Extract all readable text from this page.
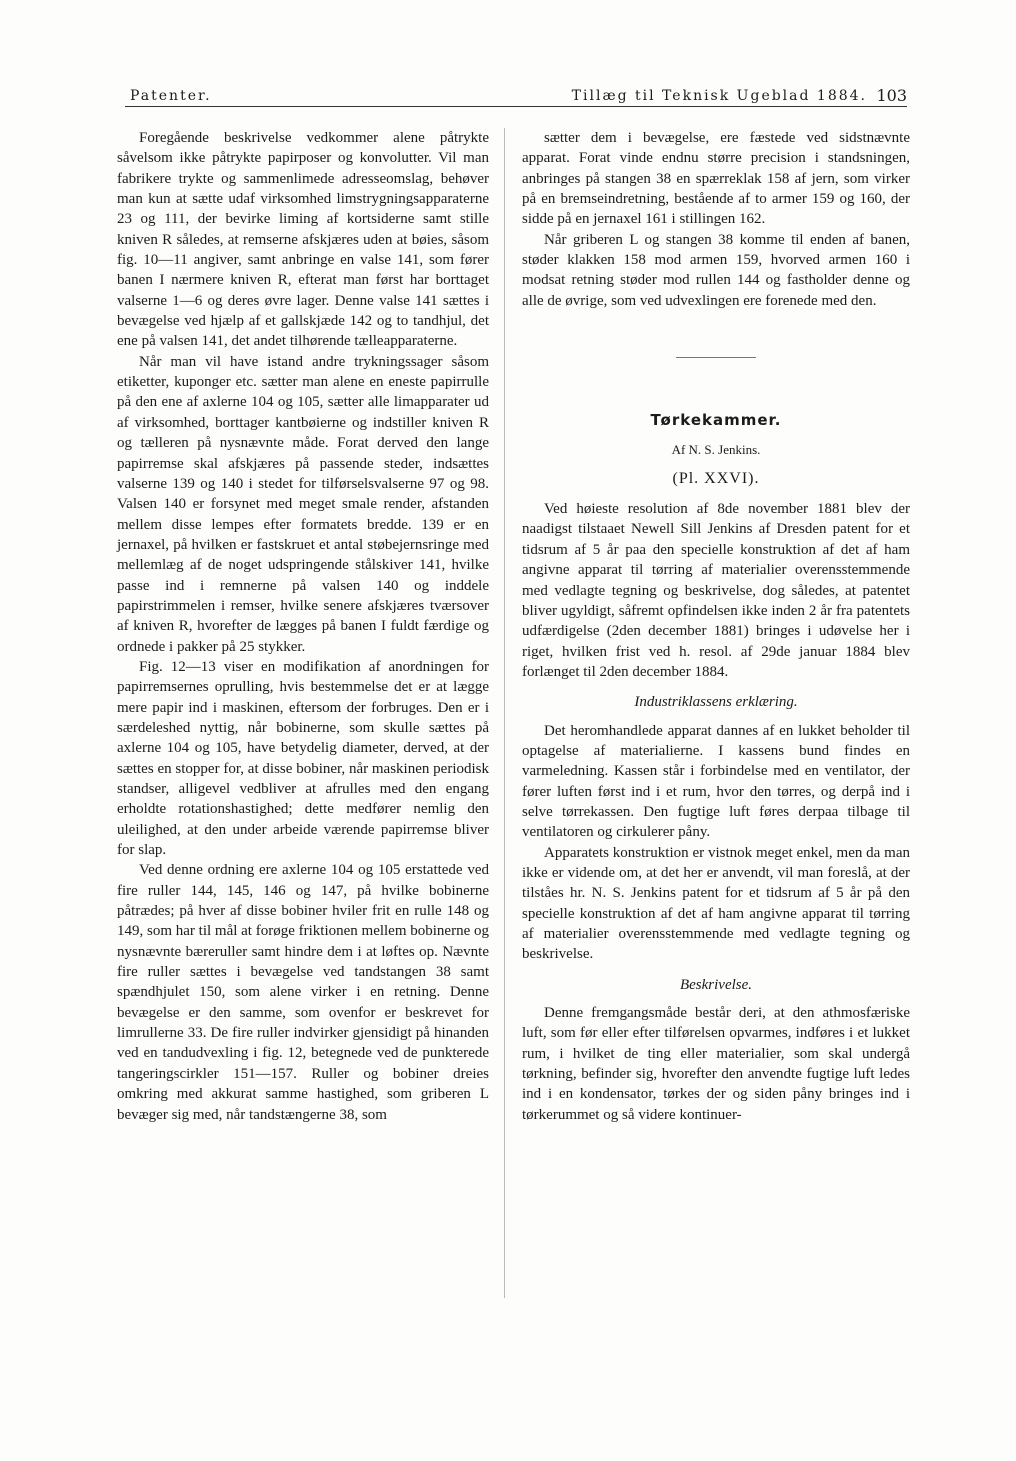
Patenter.	Tillæg til Teknisk Ugeblad 1884. 103

Foregående beskrivelse vedkommer alene påtrykte såvelsom ikke påtrykte papirposer og konvolutter. Vil man fabrikere trykte og sammenlimede adresseomslag, behøver man kun at sætte udaf virksomhed limstrygningsapparaterne 23 og 111, der bevirke liming af kortsiderne samt stille kniven R således, at remserne afskjæres uden at bøies, såsom fig. 10—11 angiver, samt anbringe en valse 141, som fører banen I nærmere kniven R, efterat man først har borttaget valserne 1—6 og deres øvre lager. Denne valse 141 sættes i bevægelse ved hjælp af et gallskjæde 142 og to tandhjul, det ene på valsen 141, det andet tilhørende tælleapparaterne.

Når man vil have istand andre trykningssager såsom etiketter, kuponger etc. sætter man alene en eneste papirrulle på den ene af axlerne 104 og 105, sætter alle limapparater ud af virksomhed, borttager kantbøierne og indstiller kniven R og tælleren på nysnævnte måde. Forat derved den lange papirremse skal afskjæres på passende steder, indsættes valserne 139 og 140 i stedet for tilførselsvalserne 97 og 98. Valsen 140 er forsynet med meget smale render, afstanden mellem disse lempes efter formatets bredde. 139 er en jernaxel, på hvilken er fastskruet et antal støbejernsringe med mellemlæg af de noget udspringende stålskiver 141, hvilke passe ind i remnerne på valsen 140 og inddele papirstrimmelen i remser, hvilke senere afskjæres tværsover af kniven R, hvorefter de lægges på banen I fuldt færdige og ordnede i pakker på 25 stykker.

Fig. 12—13 viser en modifikation af anordningen for papirremsernes oprulling, hvis bestemmelse det er at lægge mere papir ind i maskinen, eftersom der forbruges. Den er i særdeleshed nyttig, når bobinerne, som skulle sættes på axlerne 104 og 105, have betydelig diameter, derved, at der sættes en stopper for, at disse bobiner, når maskinen periodisk standser, alligevel vedbliver at afrulles med den engang erholdte rotationshastighed; dette medfører nemlig den uleilighed, at den under arbeide værende papirremse bliver for slap.

Ved denne ordning ere axlerne 104 og 105 erstattede ved fire ruller 144, 145, 146 og 147, på hvilke bobinerne påtrædes; på hver af disse bobiner hviler frit en rulle 148 og 149, som har til mål at forøge friktionen mellem bobinerne og nysnævnte bæreruller samt hindre dem i at løftes op. Nævnte fire ruller sættes i bevægelse ved tandstangen 38 samt spændhjulet 150, som alene virker i en retning. Denne bevægelse er den samme, som ovenfor er beskrevet for limrullerne 33. De fire ruller indvirker gjensidigt på hinanden ved en tandudvexling i fig. 12, betegnede ved de punkterede tangeringscirkler 151—157. Ruller og bobiner dreies omkring med akkurat samme hastighed, som griberen L bevæger sig med, når tandstængerne 38, som

sætter dem i bevægelse, ere fæstede ved sidstnævnte apparat. Forat vinde endnu større precision i standsningen, anbringes på stangen 38 en spærreklak 158 af jern, som virker på en bremseindretning, bestående af to armer 159 og 160, der sidde på en jernaxel 161 i stillingen 162.

Når griberen L og stangen 38 komme til enden af banen, støder klakken 158 mod armen 159, hvorved armen 160 i modsat retning støder mod rullen 144 og fastholder denne og alle de øvrige, som ved udvexlingen ere forenede med den.

Tørkekammer.
Af N. S. Jenkins.
(Pl. XXVI).

Ved høieste resolution af 8de november 1881 blev der naadigst tilstaaet Newell Sill Jenkins af Dresden patent for et tidsrum af 5 år paa den specielle konstruktion af det af ham angivne apparat til tørring af materialier overensstemmende med vedlagte tegning og beskrivelse, dog således, at patentet bliver ugyldigt, såfremt opfindelsen ikke inden 2 år fra patentets udfærdigelse (2den december 1881) bringes i udøvelse her i riget, hvilken frist ved h. resol. af 29de januar 1884 blev forlænget til 2den december 1884.

Industriklassens erklæring.

Det heromhandlede apparat dannes af en lukket beholder til optagelse af materialierne. I kassens bund findes en varmeledning. Kassen står i forbindelse med en ventilator, der fører luften først ind i et rum, hvor den tørres, og derpå ind i selve tørrekassen. Den fugtige luft føres derpaa tilbage til ventilatoren og cirkulerer påny.

Apparatets konstruktion er vistnok meget enkel, men da man ikke er vidende om, at det her er anvendt, vil man foreslå, at der tilståes hr. N. S. Jenkins patent for et tidsrum af 5 år på den specielle konstruktion af det af ham angivne apparat til tørring af materialier overensstemmende med vedlagte tegning og beskrivelse.

Beskrivelse.

Denne fremgangsmåde består deri, at den athmosfæriske luft, som før eller efter tilførelsen opvarmes, indføres i et lukket rum, i hvilket de ting eller materialier, som skal undergå tørkning, befinder sig, hvorefter den anvendte fugtige luft ledes ind i en kondensator, tørkes der og siden påny bringes ind i tørkerummet og så videre kontinuer-
